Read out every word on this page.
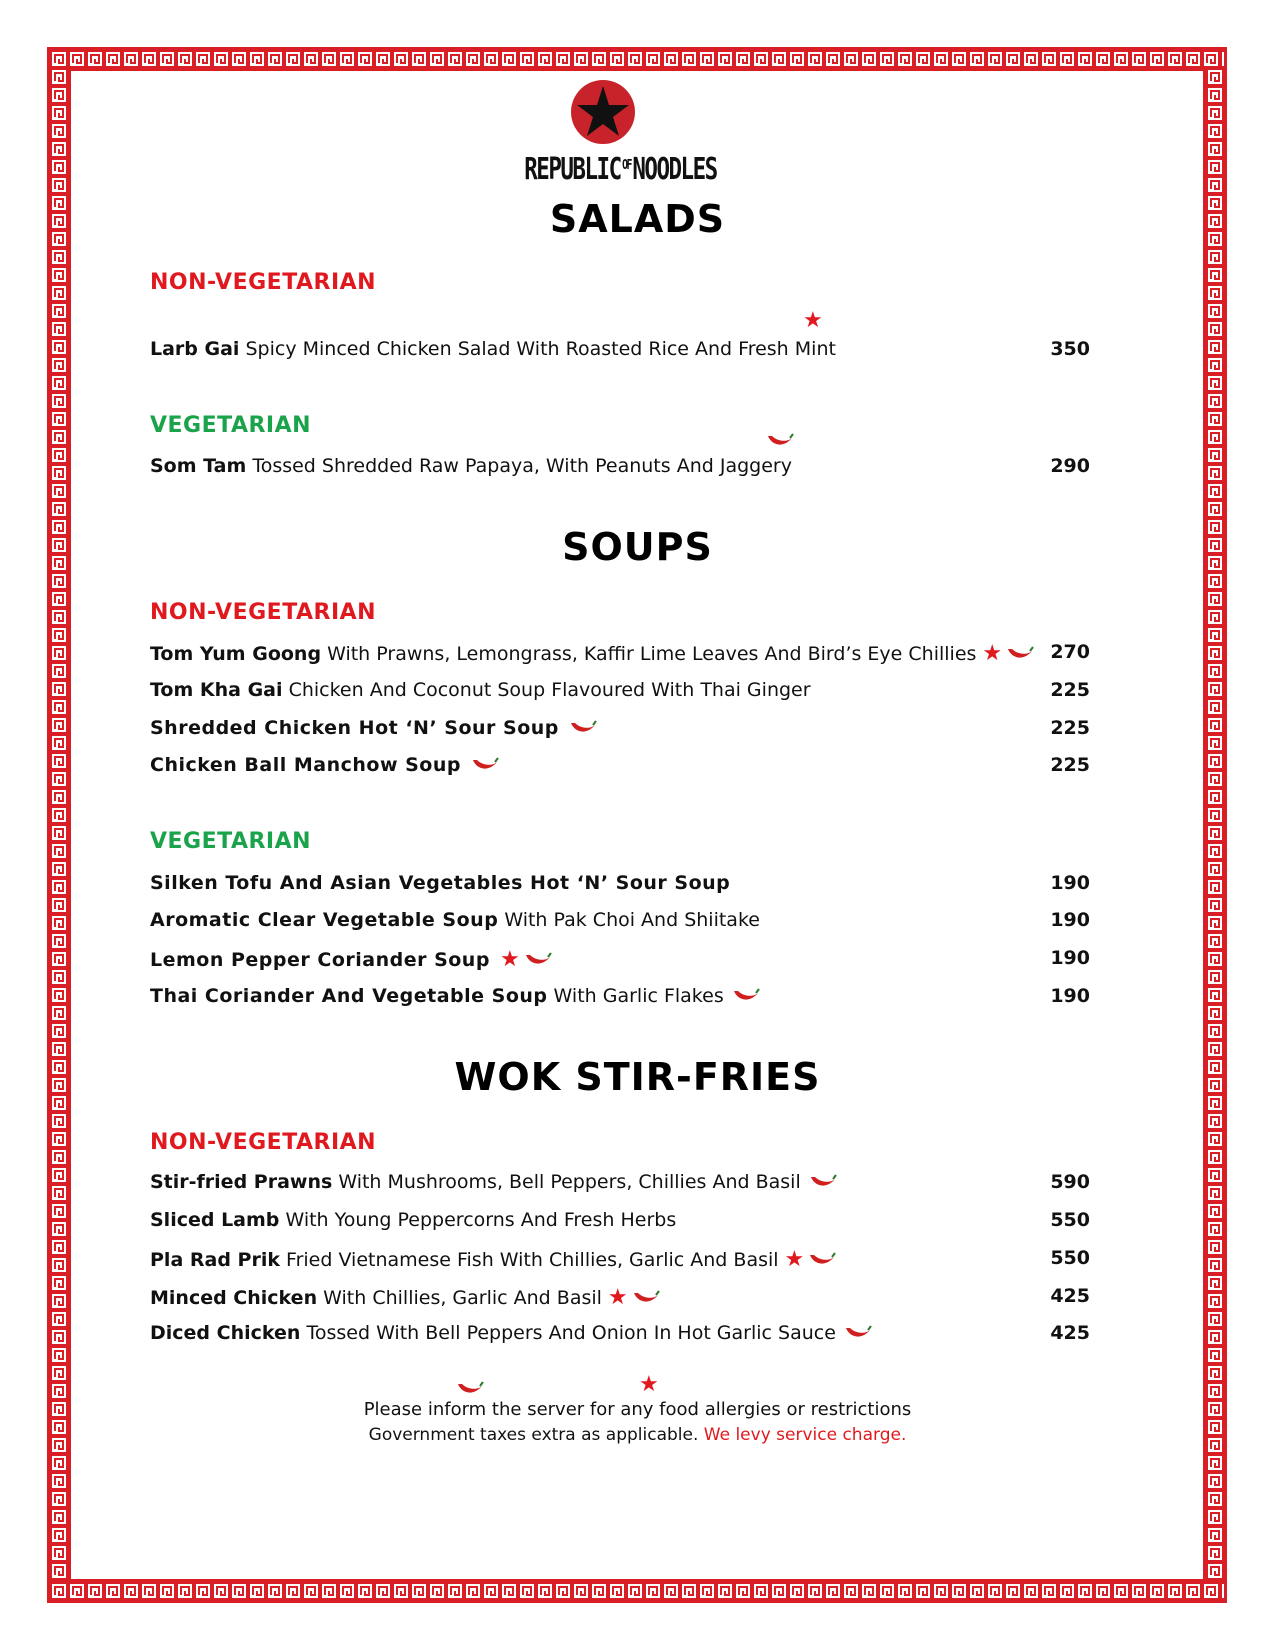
REPUBLIC $^{OF}$NOODLES
SALADS
NON-VEGETARIAN
Larb Gai Spicy Minced Chicken Salad With Roasted Rice And Fresh Mint	350
★
VEGETARIAN
Som Tam Tossed Shredded Raw Papaya, With Peanuts And Jaggery	290
SOUPS
NON-VEGETARIAN
Tom Yum Goong With Prawns, Lemongrass, Kaffir Lime Leaves And Bird’s Eye Chillies ★	270
Tom Kha Gai Chicken And Coconut Soup Flavoured With Thai Ginger	225
Shredded Chicken Hot ‘N’ Sour Soup	225
Chicken Ball Manchow Soup	225
VEGETARIAN
Silken Tofu And Asian Vegetables Hot ‘N’ Sour Soup	190
Aromatic Clear Vegetable Soup With Pak Choi And Shiitake	190
Lemon Pepper Coriander Soup ★	190
Thai Coriander And Vegetable Soup With Garlic Flakes	190
WOK STIR-FRIES
NON-VEGETARIAN
Stir-fried Prawns With Mushrooms, Bell Peppers, Chillies And Basil	590
Sliced Lamb With Young Peppercorns And Fresh Herbs	550
Pla Rad Prik Fried Vietnamese Fish With Chillies, Garlic And Basil ★	550
Minced Chicken With Chillies, Garlic And Basil ★	425
Diced Chicken Tossed With Bell Peppers And Onion In Hot Garlic Sauce	425
★
Please inform the server for any food allergies or restrictions
Government taxes extra as applicable. We levy service charge.
